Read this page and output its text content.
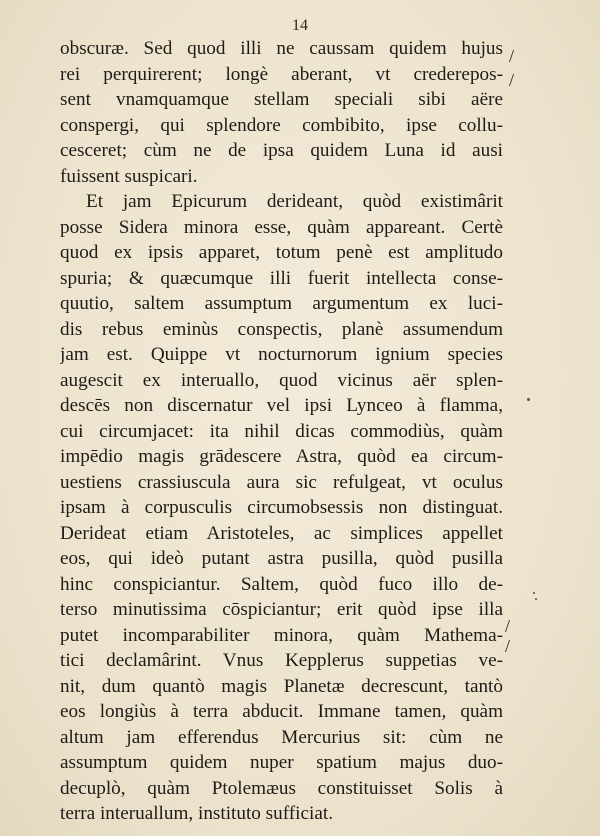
14
obscuræ. Sed quod illi ne caussam quidem hujus
rei perquirerent; longè aberant, vt crederepos-
sent vnamquamque stellam speciali sibi aëre
conspergi, qui splendore combibito, ipse collu-
cesceret; cùm ne de ipsa quidem Luna id ausi
fuissent suspicari.
Et jam Epicurum derideant, quòd existimârit
posse Sidera minora esse, quàm appareant. Certè
quod ex ipsis apparet, totum penè est amplitudo
spuria; & quæcumque illi fuerit intellecta conse-
quutio, saltem assumptum argumentum ex luci-
dis rebus eminùs conspectis, planè assumendum
jam est. Quippe vt nocturnorum ignium species
augescit ex interuallo, quod vicinus aër splen-
descēs non discernatur vel ipsi Lynceo à flamma,
cui circumjacet: ita nihil dicas commodiùs, quàm
impēdio magis grādescere Astra, quòd ea circum-
uestiens crassiuscula aura sic refulgeat, vt oculus
ipsam à corpusculis circumobsessis non distinguat.
Derideat etiam Aristoteles, ac simplices appellet
eos, qui ideò putant astra pusilla, quòd pusilla
hinc conspiciantur. Saltem, quòd fuco illo de-
terso minutissima cōspiciantur; erit quòd ipse illa
putet incomparabiliter minora, quàm Mathema-
tici declamârint. Vnus Kepplerus suppetias ve-
nit, dum quantò magis Planetæ decrescunt, tantò
eos longiùs à terra abducit. Immane tamen, quàm
altum jam efferendus Mercurius sit: cùm ne
assumptum quidem nuper spatium majus duo-
decuplò, quàm Ptolemæus constituisset Solis à
terra interuallum, instituto sufficiat.
/
/
/
/
